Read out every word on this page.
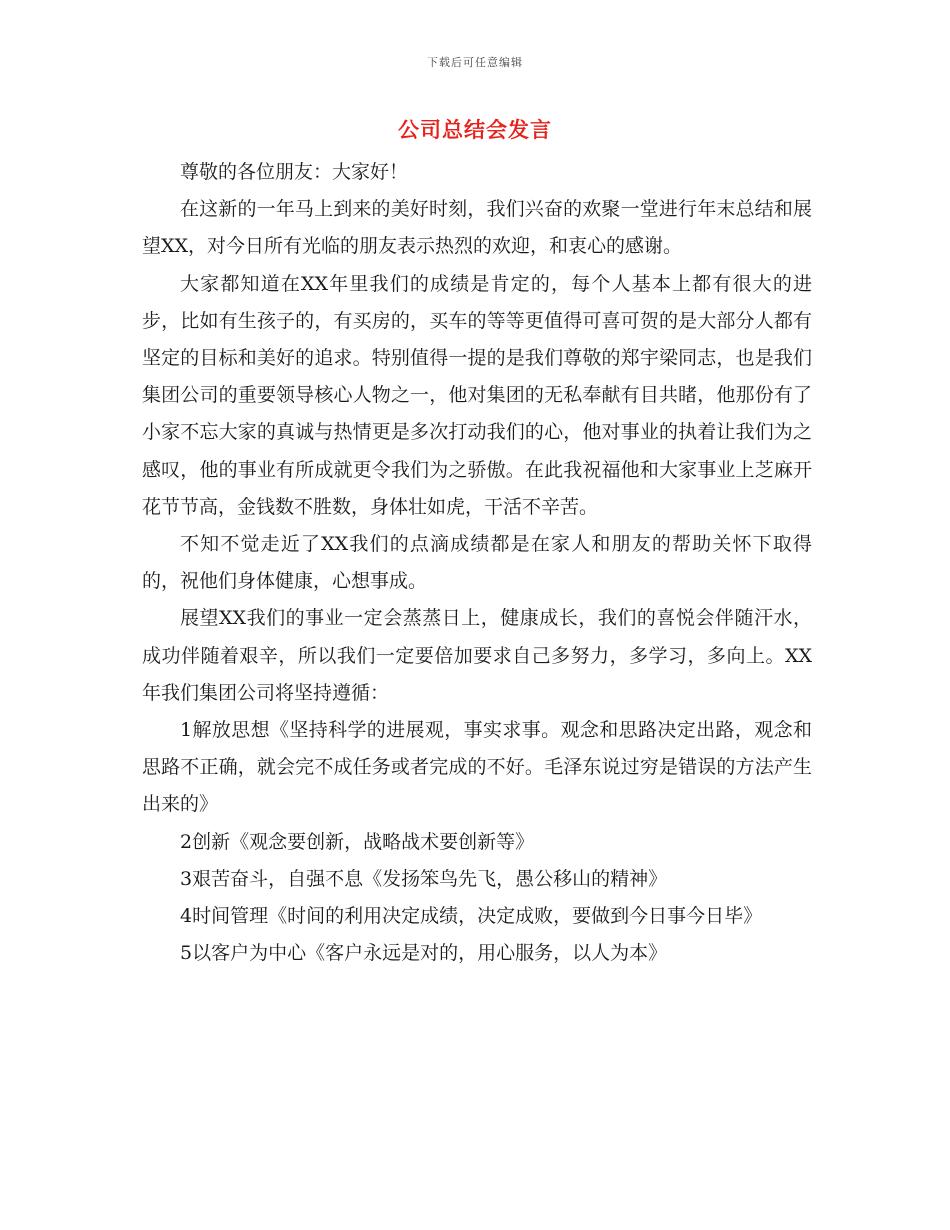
下载后可任意编辑
公司总结会发言

尊敬的各位朋友：大家好！

在这新的一年马上到来的美好时刻，我们兴奋的欢聚一堂进行年末总结和展望XX，对今日所有光临的朋友表示热烈的欢迎，和衷心的感谢。

大家都知道在XX年里我们的成绩是肯定的，每个人基本上都有很大的进步，比如有生孩子的，有买房的，买车的等等更值得可喜可贺的是大部分人都有坚定的目标和美好的追求。特别值得一提的是我们尊敬的郑宇梁同志，也是我们集团公司的重要领导核心人物之一，他对集团的无私奉献有目共睹，他那份有了小家不忘大家的真诚与热情更是多次打动我们的心，他对事业的执着让我们为之感叹，他的事业有所成就更令我们为之骄傲。在此我祝福他和大家事业上芝麻开花节节高，金钱数不胜数，身体壮如虎，干活不辛苦。

不知不觉走近了XX我们的点滴成绩都是在家人和朋友的帮助关怀下取得的，祝他们身体健康，心想事成。

展望XX我们的事业一定会蒸蒸日上，健康成长，我们的喜悦会伴随汗水，成功伴随着艰辛，所以我们一定要倍加要求自己多努力，多学习，多向上。XX年我们集团公司将坚持遵循：

1解放思想《坚持科学的进展观，事实求事。观念和思路决定出路，观念和思路不正确，就会完不成任务或者完成的不好。毛泽东说过穷是错误的方法产生出来的》

2创新《观念要创新，战略战术要创新等》

3艰苦奋斗，自强不息《发扬笨鸟先飞，愚公移山的精神》

4时间管理《时间的利用决定成绩，决定成败，要做到今日事今日毕》

5以客户为中心《客户永远是对的，用心服务，以人为本》
